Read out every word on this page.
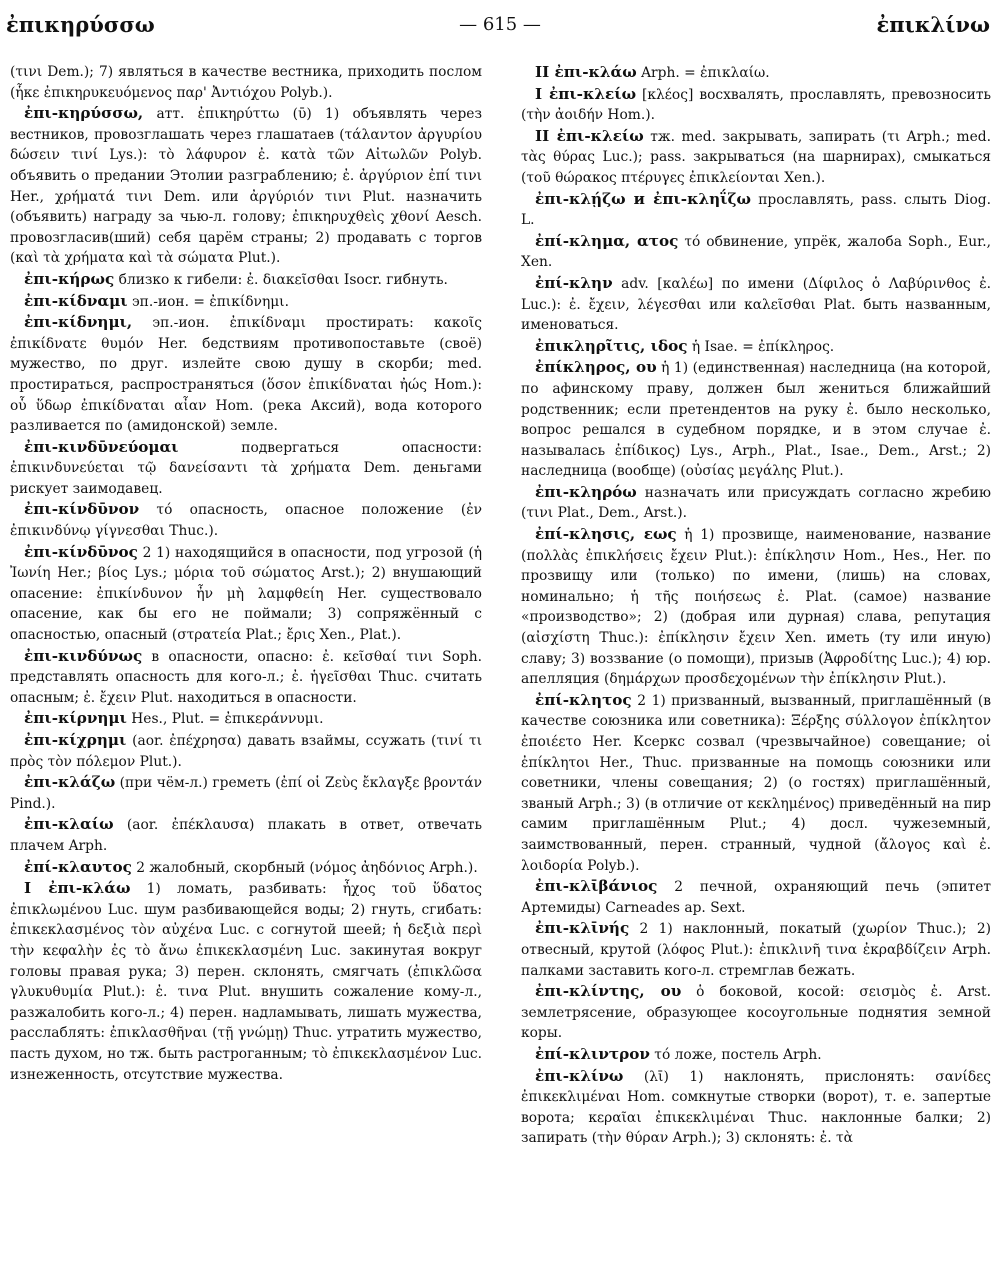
ἐπικηρύσσω	— 615 —	ἐπικλίνω
(τινι Dem.); 7) являться в качестве вестника, приходить послом (ἧκε ἐπικηρυκευόμενος παρ' Ἀντιόχου Polyb.).
ἐπι-κηρύσσω, атт. ἐπικηρύττω (ῡ) 1) объявлять через вестников, провозглашать через глашатаев (τάλαντον ἀργυρίου δώσειν τινί Lys.): τὸ λάφυρον ἐ. κατὰ τῶν Αἰτωλῶν Polyb. объявить о предании Этолии разграблению; ἐ. ἀργύριον ἐπί τινι Her., χρήματά τινι Dem. или ἀργύριόν τινι Plut. назначить (объявить) награду за чью-л. голову; ἐπικηρυχθεὶς χθονί Aesch. провозгласив(ший) себя царём страны; 2) продавать с торгов (καὶ τὰ χρήματα καὶ τὰ σώματα Plut.).
ἐπι-κήρως близко к гибели: ἐ. διακεῖσθαι Isocr. гибнуть.
ἐπι-κίδναμι эп.-ион. = ἐπικίδνημι.
ἐπι-κίδνημι, эп.-ион. ἐπικίδναμι простирать: κακοῖς ἐπικίδνατε θυμόν Her. бедствиям противопоставьте (своё) мужество, по друг. излейте свою душу в скорби; med. простираться, распространяться (ὅσον ἐπικίδναται ἠώς Hom.): οὗ ὕδωρ ἐπικίδναται αἶαν Hom. (река Аксий), вода которого разливается по (амидонской) земле.
ἐπι-κινδῡνεύομαι подвергаться опасности: ἐπικινδυνεύεται τῷ δανείσαντι τὰ χρήματα Dem. деньгами рискует заимодавец.
ἐπι-κίνδῡνον τό опасность, опасное положение (ἐν ἐπικινδύνῳ γίγνεσθαι Thuc.).
ἐπι-κίνδῡνος 2 1) находящийся в опасности, под угрозой (ἡ Ἰωνίη Her.; βίος Lys.; μόρια τοῦ σώματος Arst.); 2) внушающий опасение: ἐπικίνδυνον ἦν μὴ λαμφθείη Her. существовало опасение, как бы его не поймали; 3) сопряжённый с опасностью, опасный (στρατεία Plat.; ἔρις Xen., Plat.).
ἐπι-κινδύνως в опасности, опасно: ἐ. κεῖσθαί τινι Soph. представлять опасность для кого-л.; ἐ. ἡγεῖσθαι Thuc. считать опасным; ἐ. ἔχειν Plut. находиться в опасности.
ἐπι-κίρνημι Hes., Plut. = ἐπικεράννυμι.
ἐπι-κίχρημι (aor. ἐπέχρησα) давать взаймы, ссужать (τινί τι πρὸς τὸν πόλεμον Plut.).
ἐπι-κλάζω (при чём-л.) греметь (ἐπί οἱ Ζεὺς ἔκλαγξε βροντάν Pind.).
ἐπι-κλαίω (aor. ἐπέκλαυσα) плакать в ответ, отвечать плачем Arph.
ἐπί-κλαυτος 2 жалобный, скорбный (νόμος ἀηδόνιος Arph.).
I ἐπι-κλάω 1) ломать, разбивать: ἦχος τοῦ ὕδατος ἐπικλωμένου Luc. шум разбивающейся воды; 2) гнуть, сгибать: ἐπικεκλασμένος τὸν αὐχένα Luc. с согнутой шеей; ἡ δεξιὰ περὶ τὴν κεφαλὴν ἐς τὸ ἄνω ἐπικεκλασμένη Luc. закинутая вокруг головы правая рука; 3) перен. склонять, смягчать (ἐπικλῶσα γλυκυθυμία Plut.): ἐ. τινα Plut. внушить сожаление кому-л., разжалобить кого-л.; 4) перен. надламывать, лишать мужества, расслаблять: ἐπικλασθῆναι (τῇ γνώμῃ) Thuc. утратить мужество, пасть духом, но тж. быть растроганным; τὸ ἐπικεκλασμένον Luc. изнеженность, отсутствие мужества.
II ἐπι-κλάω Arph. = ἐπικλαίω.
I ἐπι-κλείω [κλέος] восхвалять, прославлять, превозносить (τὴν ἀοιδήν Hom.).
II ἐπι-κλείω тж. med. закрывать, запирать (τι Arph.; med. τὰς θύρας Luc.); pass. закрываться (на шарнирах), смыкаться (τοῦ θώρακος πτέρυγες ἐπικλείονται Xen.).
ἐπι-κλῄζω и ἐπι-κληΐζω прославлять, pass. слыть Diog. L.
ἐπί-κλημα, ατος τό обвинение, упрёк, жалоба Soph., Eur., Xen.
ἐπί-κλην adv. [καλέω] по имени (Δίφιλος ὁ Λαβύρινθος ἐ. Luc.): ἐ. ἔχειν, λέγεσθαι или καλεῖσθαι Plat. быть названным, именоваться.
ἐπικληρῖτις, ιδος ἡ Isae. = ἐπίκληρος.
ἐπίκληρος, ου ἡ 1) (единственная) наследница (на которой, по афинскому праву, должен был жениться ближайший родственник; если претендентов на руку ἐ. было несколько, вопрос решался в судебном порядке, и в этом случае ἐ. называлась ἐπίδικος) Lys., Arph., Plat., Isae., Dem., Arst.; 2) наследница (вообще) (οὐσίας μεγάλης Plut.).
ἐπι-κληρόω назначать или присуждать согласно жребию (τινι Plat., Dem., Arst.).
ἐπί-κλησις, εως ἡ 1) прозвище, наименование, название (πολλὰς ἐπικλήσεις ἔχειν Plut.): ἐπίκλησιν Hom., Hes., Her. по прозвищу или (только) по имени, (лишь) на словах, номинально; ἡ τῆς ποιήσεως ἐ. Plat. (самое) название «производство»; 2) (добрая или дурная) слава, репутация (αἰσχίστη Thuc.): ἐπίκλησιν ἔχειν Xen. иметь (ту или иную) славу; 3) воззвание (о помощи), призыв (Ἀφροδίτης Luc.); 4) юр. апелляция (δημάρχων προσδεχομένων τὴν ἐπίκλησιν Plut.).
ἐπί-κλητος 2 1) призванный, вызванный, приглашённый (в качестве союзника или советника): Ξέρξης σύλλογον ἐπίκλητον ἐποιέετο Her. Ксеркс созвал (чрезвычайное) совещание; οἱ ἐπίκλητοι Her., Thuc. призванные на помощь союзники или советники, члены совещания; 2) (о гостях) приглашённый, званый Arph.; 3) (в отличие от κεκλημένος) приведённый на пир самим приглашённым Plut.; 4) досл. чужеземный, заимствованный, перен. странный, чудной (ἄλογος καὶ ἐ. λοιδορία Polyb.).
ἐπι-κλῑβάνιος 2 печной, охраняющий печь (эпитет Артемиды) Carneades ap. Sext.
ἐπι-κλῑνής 2 1) наклонный, покатый (χωρίον Thuc.); 2) отвесный, крутой (λόφος Plut.): ἐπικλινῆ τινα ἐκραβδίζειν Arph. палками заставить кого-л. стремглав бежать.
ἐπι-κλίντης, ου ὁ боковой, косой: σεισμὸς ἐ. Arst. землетрясение, образующее косоугольные поднятия земной коры.
ἐπί-κλιντρον τό ложе, постель Arph.
ἐπι-κλίνω (λῑ) 1) наклонять, прислонять: σανίδες ἐπικεκλιμέναι Hom. сомкнутые створки (ворот), т. е. запертые ворота; κεραῖαι ἐπικεκλιμέναι Thuc. наклонные балки; 2) запирать (τὴν θύραν Arph.); 3) склонять: ἐ. τὰ
